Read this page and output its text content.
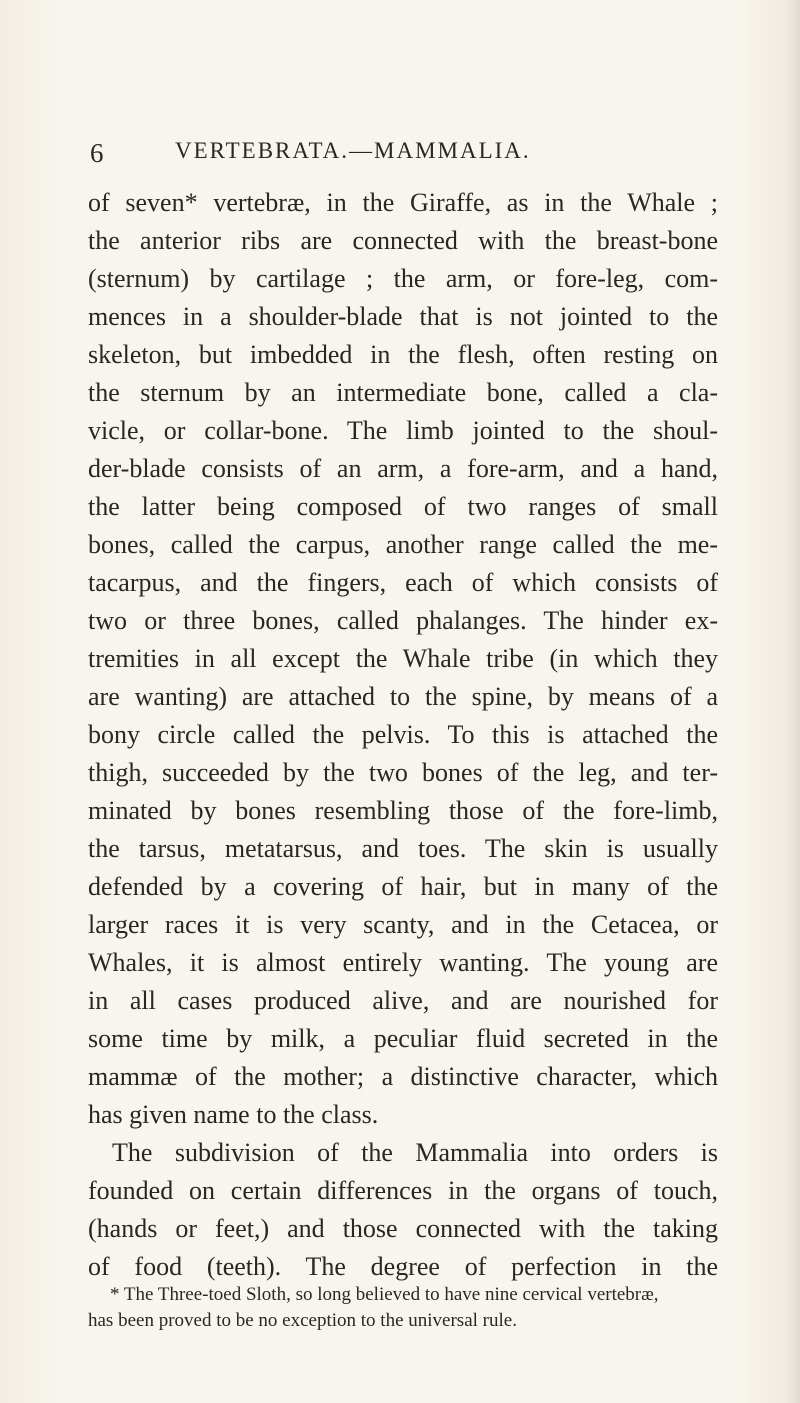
6	VERTEBRATA.—MAMMALIA.
of seven* vertebræ, in the Giraffe, as in the Whale ;
the anterior ribs are connected with the breast-bone
(sternum) by cartilage ; the arm, or fore-leg, com-
mences in a shoulder-blade that is not jointed to the
skeleton, but imbedded in the flesh, often resting on
the sternum by an intermediate bone, called a cla-
vicle, or collar-bone. The limb jointed to the shoul-
der-blade consists of an arm, a fore-arm, and a hand,
the latter being composed of two ranges of small
bones, called the carpus, another range called the me-
tacarpus, and the fingers, each of which consists of
two or three bones, called phalanges. The hinder ex-
tremities in all except the Whale tribe (in which they
are wanting) are attached to the spine, by means of a
bony circle called the pelvis. To this is attached the
thigh, succeeded by the two bones of the leg, and ter-
minated by bones resembling those of the fore-limb,
the tarsus, metatarsus, and toes. The skin is usually
defended by a covering of hair, but in many of the
larger races it is very scanty, and in the Cetacea, or
Whales, it is almost entirely wanting. The young are
in all cases produced alive, and are nourished for
some time by milk, a peculiar fluid secreted in the
mammæ of the mother; a distinctive character, which
has given name to the class.
The subdivision of the Mammalia into orders is
founded on certain differences in the organs of touch,
(hands or feet,) and those connected with the taking
of food (teeth). The degree of perfection in the
* The Three-toed Sloth, so long believed to have nine cervical vertebræ,
has been proved to be no exception to the universal rule.
